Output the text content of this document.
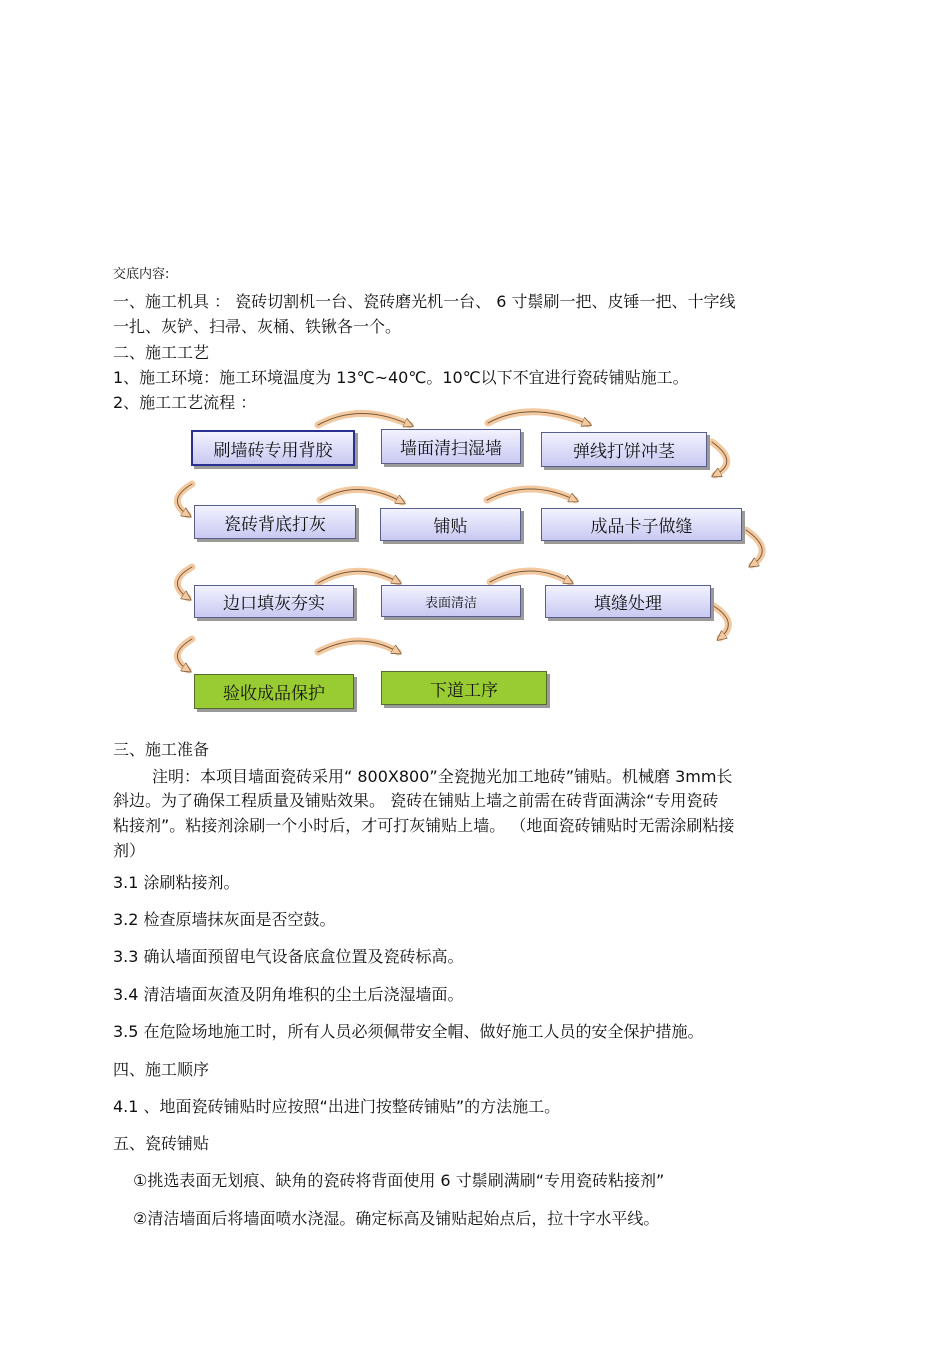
交底内容:
一、施工机具 ： 瓷砖切割机一台、瓷砖磨光机一台、 6 寸鬃刷一把、皮锤一把、十字线
一扎、灰铲、扫帚、灰桶、铁锹各一个。
二、施工工艺
1、施工环境：施工环境温度为 13℃~40℃。10℃以下不宜进行瓷砖铺贴施工。
2、施工工艺流程 ：
刷墙砖专用背胶	墙面清扫湿墙	弹线打饼冲茎
瓷砖背底打灰	铺贴	成品卡子做缝
边口填灰夯实	表面清洁	填缝处理
验收成品保护	下道工序
三、施工准备
注明：本项目墙面瓷砖采用“ 800X800”全瓷抛光加工地砖”铺贴。机械磨 3mm长
斜边。为了确保工程质量及铺贴效果。 瓷砖在铺贴上墙之前需在砖背面满涂“专用瓷砖
粘接剂”。粘接剂涂刷一个小时后，才可打灰铺贴上墙。 （地面瓷砖铺贴时无需涂刷粘接
剂）
3.1 涂刷粘接剂。
3.2 检查原墙抹灰面是否空鼓。
3.3 确认墙面预留电气设备底盒位置及瓷砖标高。
3.4 清洁墙面灰渣及阴角堆积的尘土后浇湿墙面。
3.5 在危险场地施工时，所有人员必须佩带安全帽、做好施工人员的安全保护措施。
四、施工顺序
4.1 、地面瓷砖铺贴时应按照“出进门按整砖铺贴”的方法施工。
五、瓷砖铺贴
①挑选表面无划痕、缺角的瓷砖将背面使用 6 寸鬃刷满刷“专用瓷砖粘接剂”
②清洁墙面后将墙面喷水浇湿。确定标高及铺贴起始点后，拉十字水平线。
